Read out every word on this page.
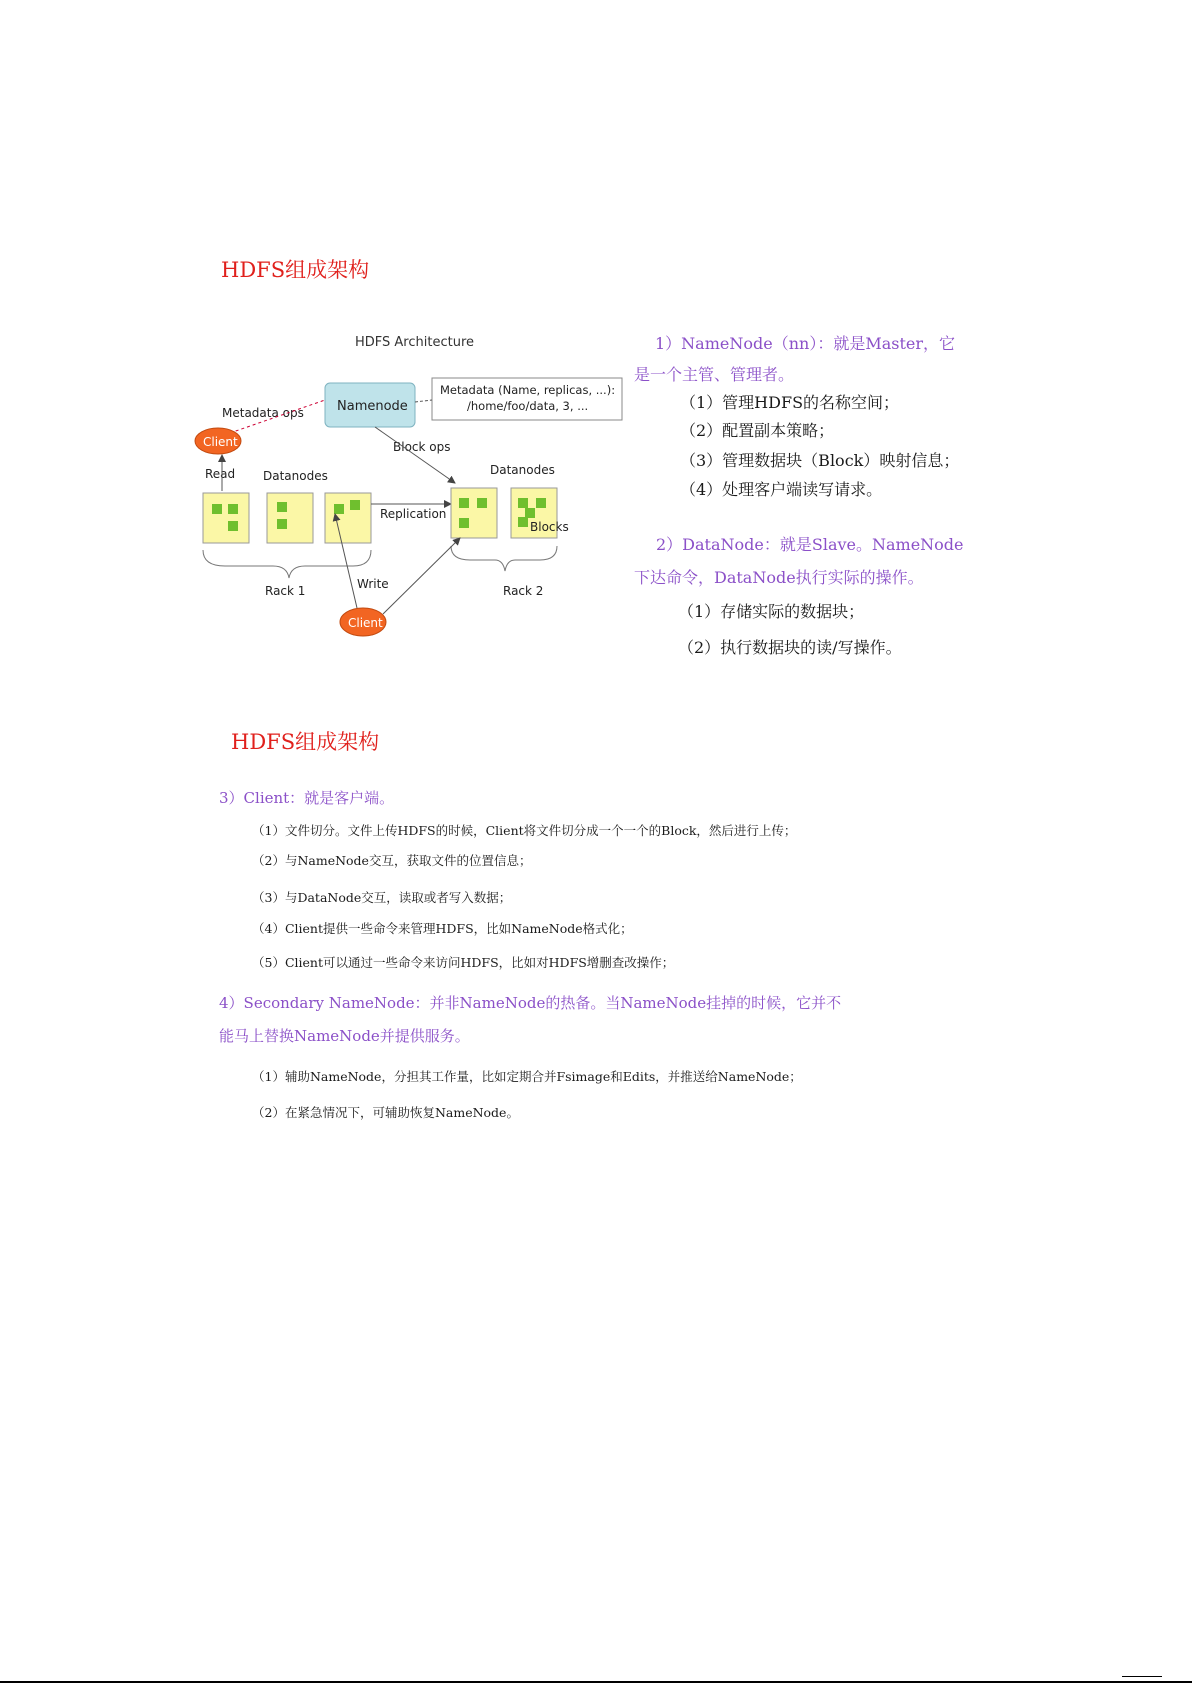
HDFS组成架构
HDFS Architecture
Namenode
Metadata (Name, replicas, ...):
/home/foo/data, 3, ...
Metadata ops
Client	Block ops
Read Datanodes	Datanodes
Replication
Blocks
Rack 1	Rack 2
Client
Write

1）NameNode（nn）：就是Master，它

是一个主管、管理者。

（1）管理HDFS的名称空间；

（2）配置副本策略；

（3）管理数据块（Block）映射信息；

（4）处理客户端读写请求。

2）DataNode：就是Slave。NameNode

下达命令，DataNode执行实际的操作。

（1）存储实际的数据块；

（2）执行数据块的读/写操作。

HDFS组成架构

3）Client：就是客户端。

（1）文件切分。文件上传HDFS的时候，Client将文件切分成一个一个的Block，然后进行上传；

（2）与NameNode交互，获取文件的位置信息；

（3）与DataNode交互，读取或者写入数据；

（4）Client提供一些命令来管理HDFS，比如NameNode格式化；

（5）Client可以通过一些命令来访问HDFS，比如对HDFS增删查改操作；

4）Secondary NameNode：并非NameNode的热备。当NameNode挂掉的时候，它并不

能马上替换NameNode并提供服务。

（1）辅助NameNode，分担其工作量，比如定期合并Fsimage和Edits，并推送给NameNode；

（2）在紧急情况下，可辅助恢复NameNode。
